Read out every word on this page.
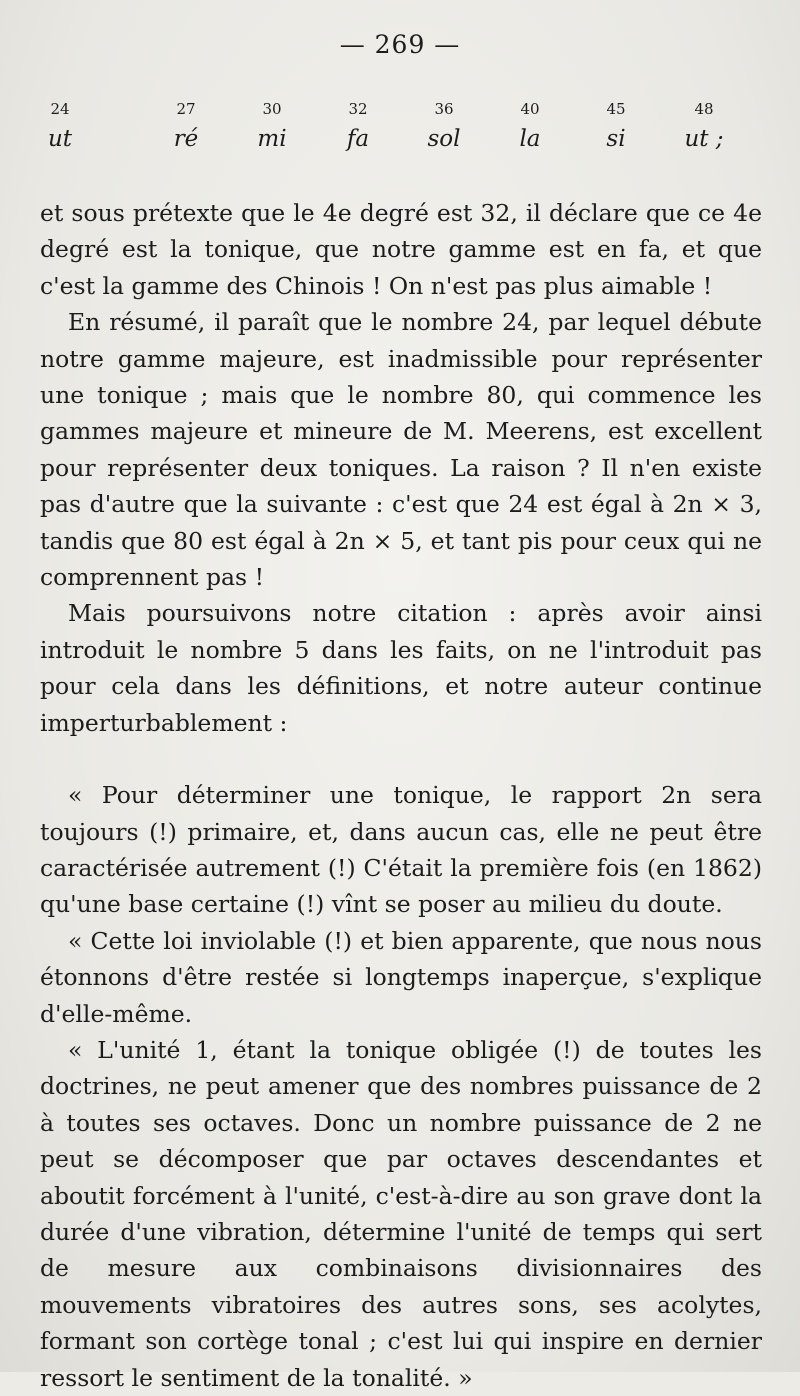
— 269 —
24
ut
27
ré
30
mi
32
fa
36
sol
40
la
45
si
48
ut ;

et sous prétexte que le 4e degré est 32, il déclare que ce 4e degré est la tonique, que notre gamme est en fa, et que c'est la gamme des Chinois ! On n'est pas plus aimable !

En résumé, il paraît que le nombre 24, par lequel débute notre gamme majeure, est inadmissible pour représenter une tonique ; mais que le nombre 80, qui commence les gammes majeure et mineure de M. Meerens, est excellent pour représenter deux toniques. La raison ? Il n'en existe pas d'autre que la suivante : c'est que 24 est égal à 2n × 3, tandis que 80 est égal à 2n × 5, et tant pis pour ceux qui ne comprennent pas !

Mais poursuivons notre citation : après avoir ainsi introduit le nombre 5 dans les faits, on ne l'introduit pas pour cela dans les définitions, et notre auteur continue imperturbablement :

« Pour déterminer une tonique, le rapport 2n sera toujours (!) primaire, et, dans aucun cas, elle ne peut être caractérisée autrement (!) C'était la première fois (en 1862) qu'une base certaine (!) vînt se poser au milieu du doute.

« Cette loi inviolable (!) et bien apparente, que nous nous étonnons d'être restée si longtemps inaperçue, s'explique d'elle-même.

« L'unité 1, étant la tonique obligée (!) de toutes les doctrines, ne peut amener que des nombres puissance de 2 à toutes ses octaves. Donc un nombre puissance de 2 ne peut se décomposer que par octaves descendantes et aboutit forcément à l'unité, c'est-à-dire au son grave dont la durée d'une vibration, détermine l'unité de temps qui sert de mesure aux combinaisons divisionnaires des mouvements vibratoires des autres sons, ses acolytes, formant son cortège tonal ; c'est lui qui inspire en dernier ressort le sentiment de la tonalité. »
